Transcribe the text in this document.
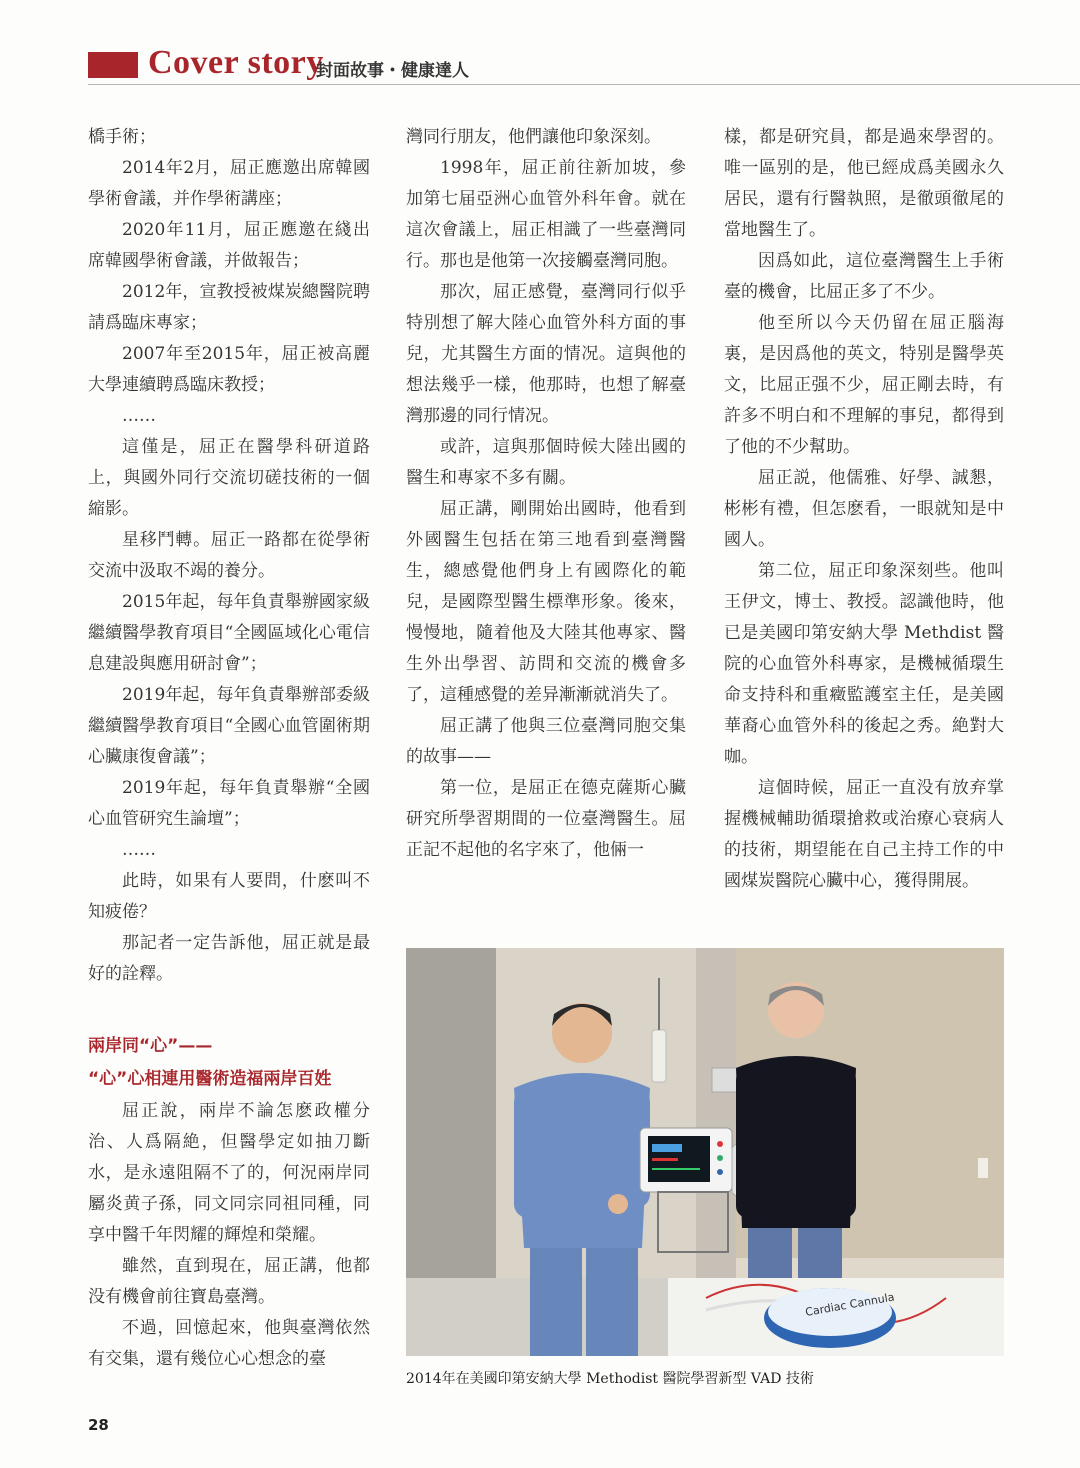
Cover story
封面故事・健康達人

橋手術；

2014年2月，屈正應邀出席韓國學術會議，并作學術講座；

2020年11月，屈正應邀在綫出席韓國學術會議，并做報告；

2012年，宣教授被煤炭總醫院聘請爲臨床專家；

2007年至2015年，屈正被高麗大學連續聘爲臨床教授；

……

這僅是，屈正在醫學科研道路上，與國外同行交流切磋技術的一個縮影。

星移鬥轉。屈正一路都在從學術交流中汲取不竭的養分。

2015年起，每年負責舉辦國家級繼續醫學教育項目“全國區域化心電信息建設與應用研討會”；

2019年起，每年負責舉辦部委級繼續醫學教育項目“全國心血管圍術期心臟康復會議”；

2019年起，每年負責舉辦“全國心血管研究生論壇”；

……

此時，如果有人要問，什麽叫不知疲倦？

那記者一定告訴他，屈正就是最好的詮釋。

兩岸同“心”——
“心”心相連用醫術造福兩岸百姓

屈正說，兩岸不論怎麽政權分治、人爲隔絶，但醫學定如抽刀斷水，是永遠阻隔不了的，何況兩岸同屬炎黄子孫，同文同宗同祖同種，同享中醫千年閃耀的輝煌和榮耀。

雖然，直到現在，屈正講，他都没有機會前往寶島臺灣。

不過，回憶起來，他與臺灣依然有交集，還有幾位心心想念的臺

灣同行朋友，他們讓他印象深刻。

1998年，屈正前往新加坡，參加第七届亞洲心血管外科年會。就在這次會議上，屈正相識了一些臺灣同行。那也是他第一次接觸臺灣同胞。

那次，屈正感覺，臺灣同行似乎特別想了解大陸心血管外科方面的事兒，尤其醫生方面的情况。這與他的想法幾乎一樣，他那時，也想了解臺灣那邊的同行情况。

或許，這與那個時候大陸出國的醫生和專家不多有關。

屈正講，剛開始出國時，他看到外國醫生包括在第三地看到臺灣醫生，總感覺他們身上有國際化的範兒，是國際型醫生標準形象。後來，慢慢地，隨着他及大陸其他專家、醫生外出學習、訪問和交流的機會多了，這種感覺的差异漸漸就消失了。

屈正講了他與三位臺灣同胞交集的故事——

第一位，是屈正在德克薩斯心臟研究所學習期間的一位臺灣醫生。屈正記不起他的名字來了，他倆一

樣，都是研究員，都是過來學習的。唯一區别的是，他已經成爲美國永久居民，還有行醫執照，是徹頭徹尾的當地醫生了。

因爲如此，這位臺灣醫生上手術臺的機會，比屈正多了不少。

他至所以今天仍留在屈正腦海裏，是因爲他的英文，特别是醫學英文，比屈正强不少，屈正剛去時，有許多不明白和不理解的事兒，都得到了他的不少幫助。

屈正説，他儒雅、好學、誠懇，彬彬有禮，但怎麽看，一眼就知是中國人。

第二位，屈正印象深刻些。他叫王伊文，博士、教授。認識他時，他已是美國印第安納大學 Methdist 醫院的心血管外科專家，是機械循環生命支持科和重癥監護室主任，是美國華裔心血管外科的後起之秀。絶對大咖。

這個時候，屈正一直没有放弃掌握機械輔助循環搶救或治療心衰病人的技術，期望能在自己主持工作的中國煤炭醫院心臟中心，獲得開展。

Cardiac Cannula
2014年在美國印第安納大學 Methodist 醫院學習新型 VAD 技術
28
